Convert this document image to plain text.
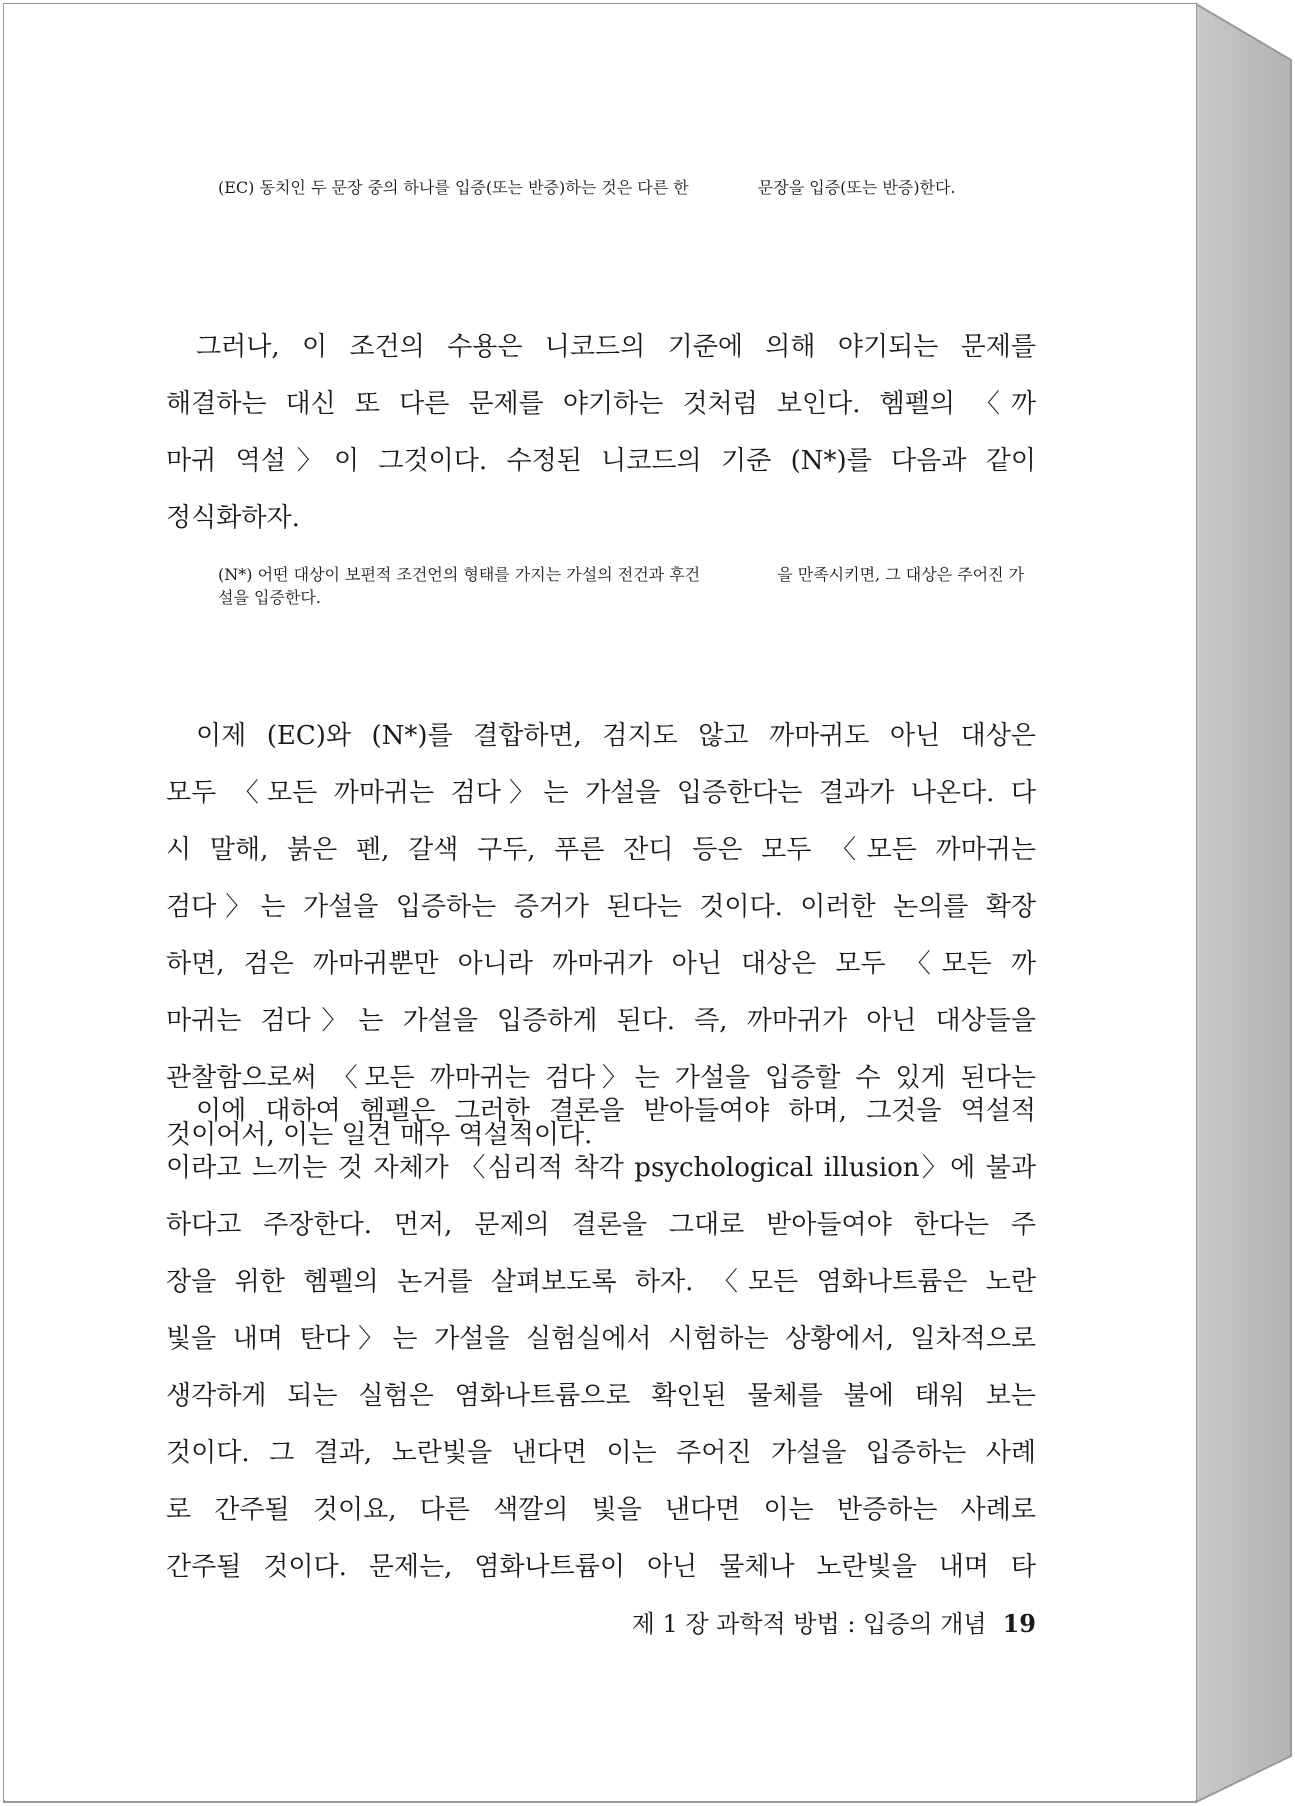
(EC) 동치인 두 문장 중의 하나를 입증(또는 반증)하는 것은 다른 한	문장을 입증(또는 반증)한다.
그러나, 이 조건의 수용은 니코드의 기준에 의해 야기되는 문제를
해결하는 대신 또 다른 문제를 야기하는 것처럼 보인다. 헴펠의 〈까
마귀 역설〉이 그것이다. 수정된 니코드의 기준 (N*)를 다음과 같이
정식화하자.
(N*) 어떤 대상이 보편적 조건언의 형태를 가지는 가설의 전건과 후건	을 만족시키면, 그 대상은 주어진 가설을 입증한다.
이제 (EC)와 (N*)를 결합하면, 검지도 않고 까마귀도 아닌 대상은
모두 〈모든 까마귀는 검다〉는 가설을 입증한다는 결과가 나온다. 다
시 말해, 붉은 펜, 갈색 구두, 푸른 잔디 등은 모두 〈모든 까마귀는
검다〉는 가설을 입증하는 증거가 된다는 것이다. 이러한 논의를 확장
하면, 검은 까마귀뿐만 아니라 까마귀가 아닌 대상은 모두 〈모든 까
마귀는 검다〉는 가설을 입증하게 된다. 즉, 까마귀가 아닌 대상들을
관찰함으로써 〈모든 까마귀는 검다〉는 가설을 입증할 수 있게 된다는
것이어서, 이는 일견 매우 역설적이다.
이에 대하여 헴펠은 그러한 결론을 받아들여야 하며, 그것을 역설적
이라고 느끼는 것 자체가 〈심리적 착각 psychological illusion〉에 불과
하다고 주장한다. 먼저, 문제의 결론을 그대로 받아들여야 한다는 주
장을 위한 헴펠의 논거를 살펴보도록 하자. 〈모든 염화나트륨은 노란
빛을 내며 탄다〉는 가설을 실험실에서 시험하는 상황에서, 일차적으로
생각하게 되는 실험은 염화나트륨으로 확인된 물체를 불에 태워 보는
것이다. 그 결과, 노란빛을 낸다면 이는 주어진 가설을 입증하는 사례
로 간주될 것이요, 다른 색깔의 빛을 낸다면 이는 반증하는 사례로
간주될 것이다. 문제는, 염화나트륨이 아닌 물체나 노란빛을 내며 타
제 1 장 과학적 방법 : 입증의 개념 19
